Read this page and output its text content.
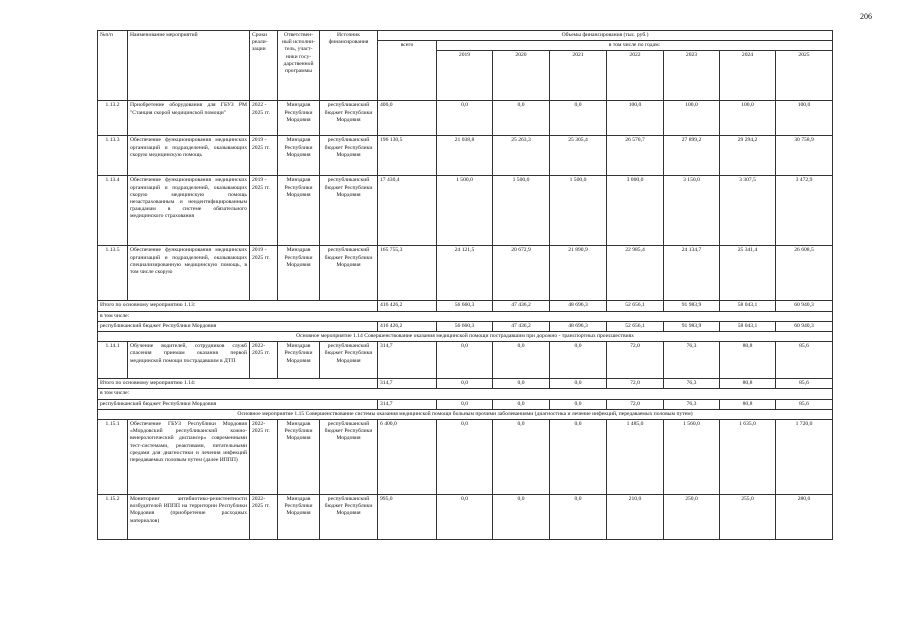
206
№п/п	Наименование мероприятий	Сроки реали-зации	Ответствен-ный исполни-тель, участ-ники госу-дарственной программы	Источник финансирования	Объемы финансирования (тыс. руб.)							
					всего	в том числе по годам:						
						2019	2020	2021	2022	2023	2024	2025
1.13.2	Приобретение оборудования для ГБУЗ РМ "Станция скорой медицинской помощи"	2022 - 2025 гг.	Минздрав Республики Мордовия	республиканский бюджет Республики Мордовия	400,0	0,0	0,0	0,0	100,0	100,0	100,0	100,0
1.13.3	Обеспечение функционирования медицинских организаций и подразделений, оказывающих скорую медицинскую помощь	2019 - 2025 гг.	Минздрав Республики Мордовия	республиканский бюджет Республики Мордовия	196 130,5	21 038,8	25 263,3	25 305,4	26 570,7	27 899,2	29 294,2	30 758,9
1.13.4	Обеспечение функционирования медицинских организаций и подразделений, оказывающих скорую медицинскую помощь незастрахованным и неидентифицированным гражданам в системе обязательного медицинского страхования	2019 - 2025 гг.	Минздрав Республики Мордовия	республиканский бюджет Республики Мордовия	17 430,4	1 500,0	1 500,0	1 500,0	3 000,0	3 150,0	3 307,5	3 472,9
1.13.5	Обеспечение функционирования медицинских организаций и подразделений, оказывающих специализированную медицинскую помощь, в том числе скорую	2019 - 2025 гг.	Минздрав Республики Мордовия	республиканский бюджет Республики Мордовия	165 755,3	24 121,5	20 672,9	21 890,9	22 985,4	24 134,7	25 341,4	26 608,5
Итого по основному мероприятию 1.13:					416 426,2	56 660,3	47 436,2	48 696,3	52 656,1	91 983,9	58 043,1	60 940,3
в том числе:												
республиканский бюджет Республики Мордовия					416 426,2	56 660,3	47 436,2	48 696,3	52 656,1	91 983,9	58 043,1	60 940,3
Основное мероприятие 1.14 Совершенствование оказания медицинской помощи пострадавшим при дорожно - транспортных происшествиях												
1.14.1	Обучение водителей, сотрудников служб спасения приемам оказания первой медицинской помощи пострадавшим в ДТП	2022-2025 гг.	Минздрав Республики Мордовия	республиканский бюджет Республики Мордовия	314,7	0,0	0,0	0,0	72,0	76,3	80,8	85,6
Итого по основному мероприятию 1.14:					314,7	0,0	0,0	0,0	72,0	76,3	80,8	85,6
в том числе:												
республиканский бюджет Республики Мордовия					314,7	0,0	0,0	0,0	72,0	76,3	80,8	85,6
Основное мероприятие 1.15 Совершенствование системы оказания медицинской помощи больным прочими заболеваниями (диагностика и лечение инфекций, передаваемых половым путем)												
1.15.1	Обеспечение ГБУЗ Республики Мордовия «Мордовский республиканский кожно-венерологический диспансер» современными тест-системами, реактивами, питательными средами для диагностики и лечения инфекций передаваемых половым путем (далее ИППП)	2022-2025 гг.	Минздрав Республики Мордовия	республиканский бюджет Республики Мордовия	6 400,0	0,0	0,0	0,0	1 485,0	1 560,0	1 635,0	1 720,0
1.15.2	Мониторинг антибиотико-резистентности возбудителей ИППП на территории Республики Мордовия (приобретение расходных материалов)	2022-2025 гг.	Минздрав Республики Мордовия	республиканский бюджет Республики Мордовия	995,0	0,0	0,0	0,0	210,0	250,0	255,0	280,0
